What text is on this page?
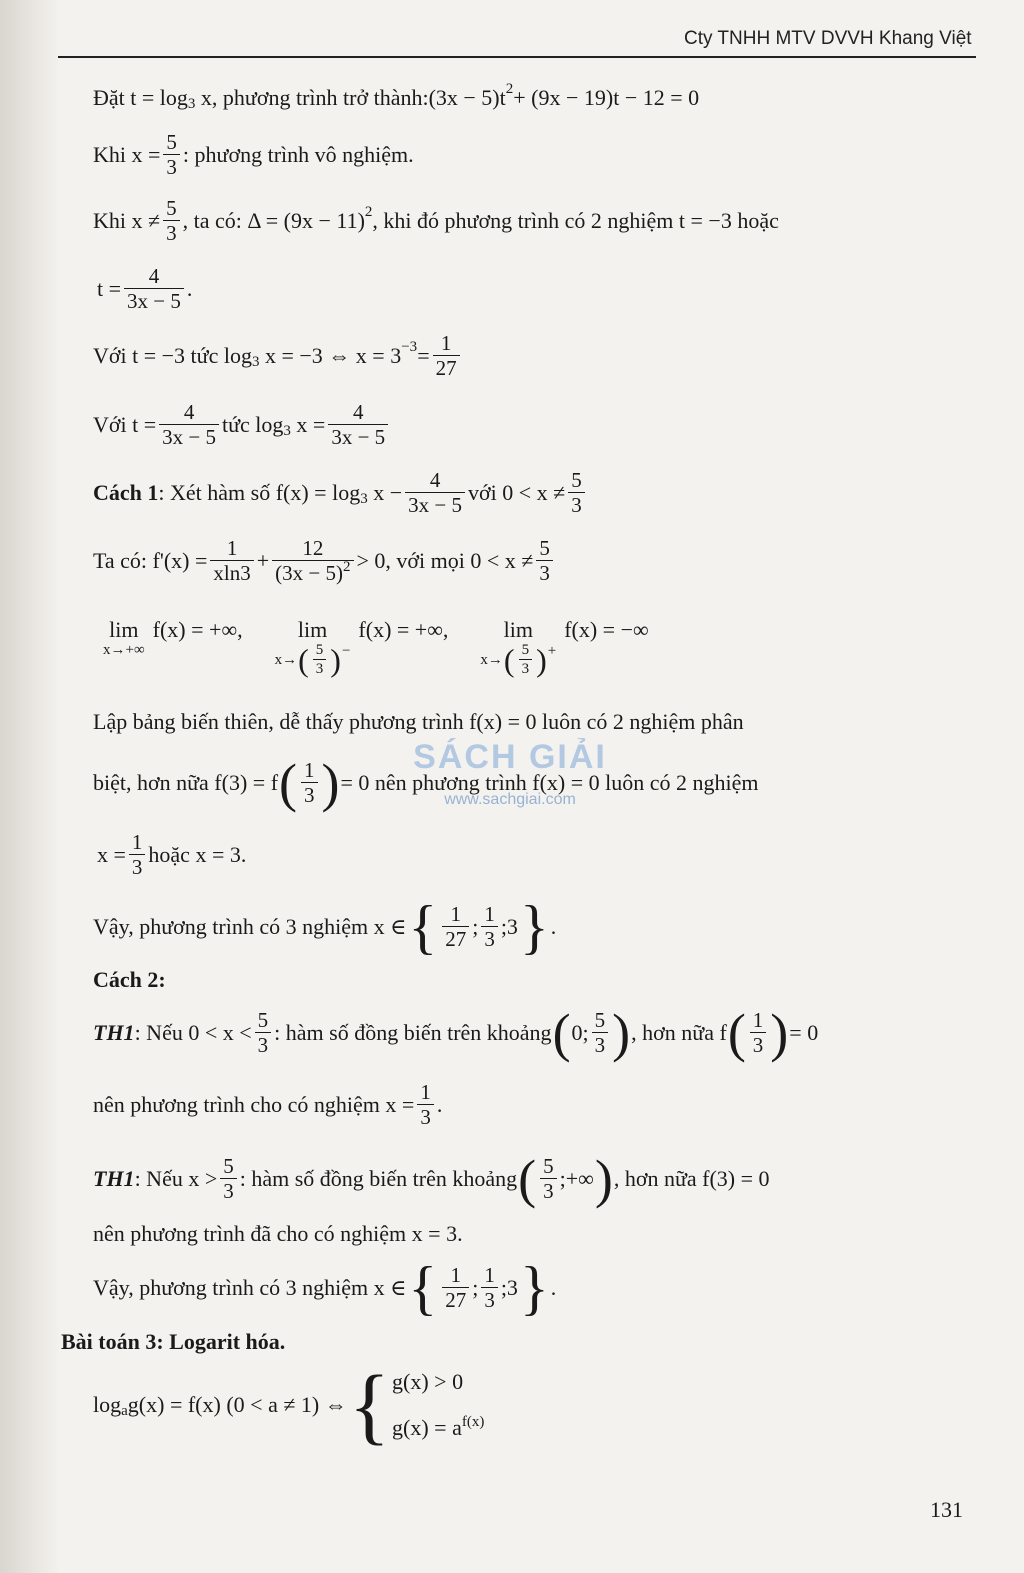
Cty TNHH MTV DVVH Khang Việt
Đặt t = log 3
x, phương trình trở thành: (3x − 5)t 2 + (9x − 19)t − 12 = 0
Khi $x = \frac{5}{3}$ : phương trình vô nghiệm.
Khi $x \ne \frac{5}{3}$ , ta có: Δ = (9x − 11) 2 , khi đó phương trình có 2 nghiệm t = −3 hoặc
$t = \frac{4}{3x - 5}$ .
Với t = −3 tức log 3
x = −3 ⇔ $x = 3 -3 = \frac{1}{27}$
Với $t = \frac{4}{3x - 5}$ tức log 3
$x = \frac{4}{3x - 5}$
Cách 1 : Xét hàm số f(x) = log 3
$x - \frac{4}{3x - 5}$ với $0 < x \ne \frac{5}{3}$
Ta có: $f'(x) = \frac{1}{xln3} + \frac{12}{(3x - 5)^2} > 0$, với mọi $0 < x \ne \frac{5}{3}$
lim
x→+∞
f(x) = +∞,	lim
x→ ( $\frac{5}{3}$ ) −
f(x) = +∞,	lim
x→ ( $\frac{5}{3}$ ) +
f(x) = −∞
Lập bảng biến thiên, dễ thấy phương trình f(x) = 0 luôn có 2 nghiệm phân
biệt, hơn nữa f(3) = f ( $\frac{1}{3}$ ) = 0 nên phương trình f(x) = 0 luôn có 2 nghiệm
$x = \frac{1}{3}$ hoặc x = 3.
Vậy, phương trình có 3 nghiệm x ∈ { $\frac{1}{27}$ ; $\frac{1}{3}$ ;3 } .
Cách 2:
TH1 : Nếu $0 < x < \frac{5}{3}$ : hàm số đồng biến trên khoảng ( 0; $\frac{5}{3}$ ) , hơn nữa f ( $\frac{1}{3}$ ) = 0
nên phương trình cho có nghiệm $x = \frac{1}{3}$ .
TH1 : Nếu $x > \frac{5}{3}$ : hàm số đồng biến trên khoảng ( $\frac{5}{3}$ ;+∞ ) , hơn nữa f(3) = 0
nên phương trình đã cho có nghiệm x = 3.
Vậy, phương trình có 3 nghiệm x ∈ { $\frac{1}{27}$ ; $\frac{1}{3}$ ;3 } .
Bài toán 3: Logarit hóa.
log a g(x) = f(x) (0 < a ≠ 1) ⇔ { g(x) > 0
$g(x) = a^{f(x)}$
SÁCH GIẢI
www.sachgiai.com
131
